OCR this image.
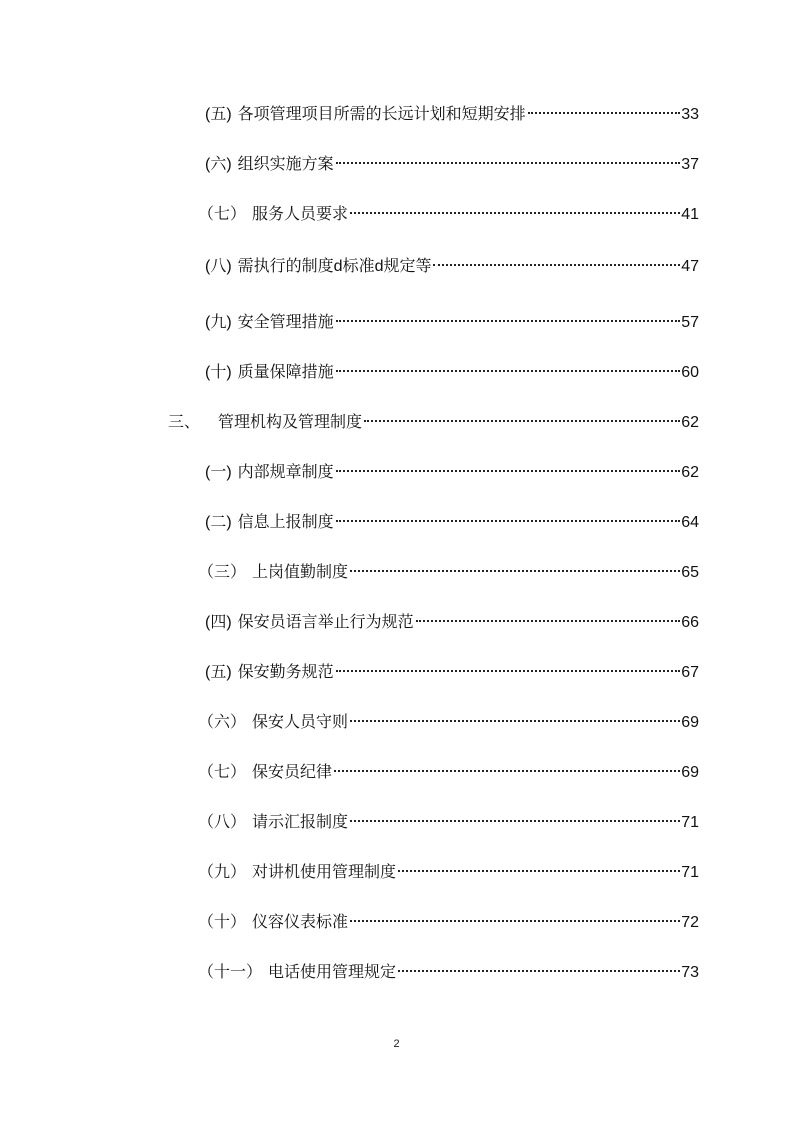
(五) 各项管理项目所需的长远计划和短期安排	33
(六) 组织实施方案	37
（七） 服务人员要求	41
(八) 需执行的制度d标准d规定等	47
(九) 安全管理措施	57
(十) 质量保障措施	60
三、 管理机构及管理制度	62
(一) 内部规章制度	62
(二) 信息上报制度	64
（三） 上岗值勤制度	65
(四) 保安员语言举止行为规范	66
(五) 保安勤务规范	67
（六） 保安人员守则	69
（七） 保安员纪律	69
（八） 请示汇报制度	71
（九） 对讲机使用管理制度	71
（十） 仪容仪表标准	72
（十一） 电话使用管理规定	73
2
